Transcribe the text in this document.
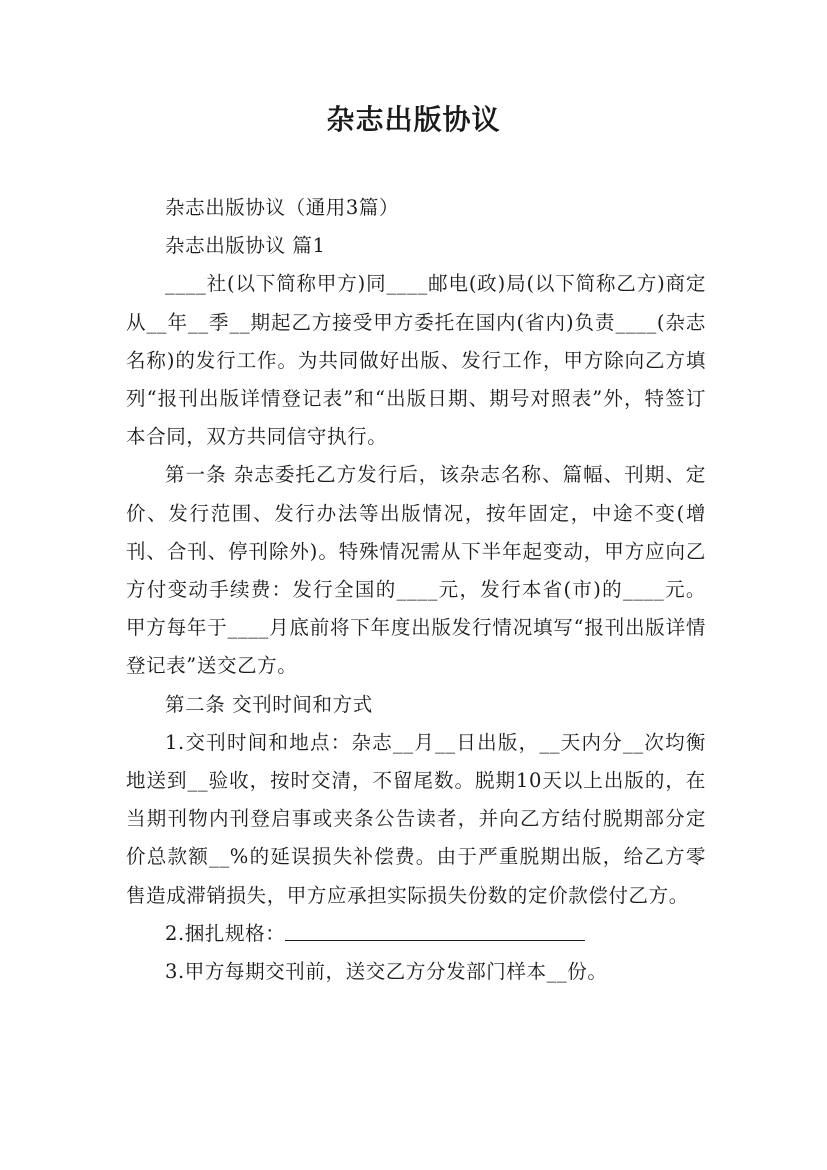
杂志出版协议

杂志出版协议（通用3篇）

杂志出版协议 篇1

____社(以下简称甲方)同____邮电(政)局(以下简称乙方)商定从__年__季__期起乙方接受甲方委托在国内(省内)负责____(杂志名称)的发行工作。为共同做好出版、发行工作，甲方除向乙方填列“报刊出版详情登记表”和“出版日期、期号对照表”外，特签订本合同，双方共同信守执行。

第一条 杂志委托乙方发行后，该杂志名称、篇幅、刊期、定价、发行范围、发行办法等出版情况，按年固定，中途不变(增刊、合刊、停刊除外)。特殊情况需从下半年起变动，甲方应向乙方付变动手续费：发行全国的____元，发行本省(市)的____元。甲方每年于____月底前将下年度出版发行情况填写“报刊出版详情登记表”送交乙方。

第二条 交刊时间和方式

1.交刊时间和地点：杂志__月__日出版，__天内分__次均衡地送到__验收，按时交清，不留尾数。脱期10天以上出版的，在当期刊物内刊登启事或夹条公告读者，并向乙方结付脱期部分定价总款额__%的延误损失补偿费。由于严重脱期出版，给乙方零售造成滞销损失，甲方应承担实际损失份数的定价款偿付乙方。

2.捆扎规格：

3.甲方每期交刊前，送交乙方分发部门样本__份。
